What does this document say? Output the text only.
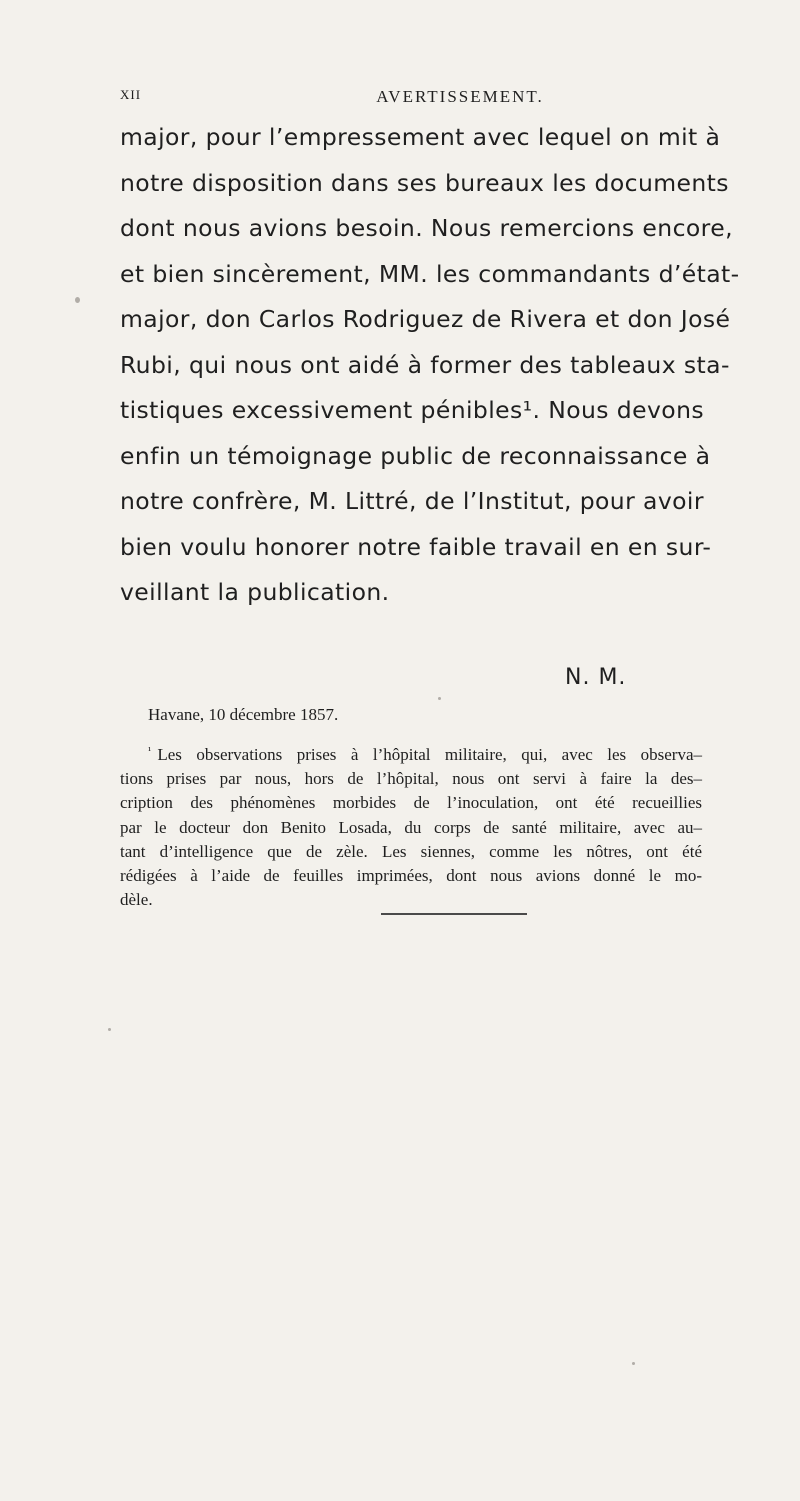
XII	AVERTISSEMENT.
major, pour l’empressement avec lequel on mit à
notre disposition dans ses bureaux les documents
dont nous avions besoin. Nous remercions encore,
et bien sincèrement, MM. les commandants d’état-
major, don Carlos Rodriguez de Rivera et don José
Rubi, qui nous ont aidé à former des tableaux sta-
tistiques excessivement pénibles¹. Nous devons
enfin un témoignage public de reconnaissance à
notre confrère, M. Littré, de l’Institut, pour avoir
bien voulu honorer notre faible travail en en sur-
veillant la publication.
N. M.
Havane, 10 décembre 1857.
$^{^1}$ Les observations prises à l’hôpital militaire, qui, avec les observa–
tions prises par nous, hors de l’hôpital, nous ont servi à faire la des–
cription des phénomènes morbides de l’inoculation, ont été recueillies
par le docteur don Benito Losada, du corps de santé militaire, avec au–
tant d’intelligence que de zèle. Les siennes, comme les nôtres, ont été
rédigées à l’aide de feuilles imprimées, dont nous avions donné le mo-
dèle.
